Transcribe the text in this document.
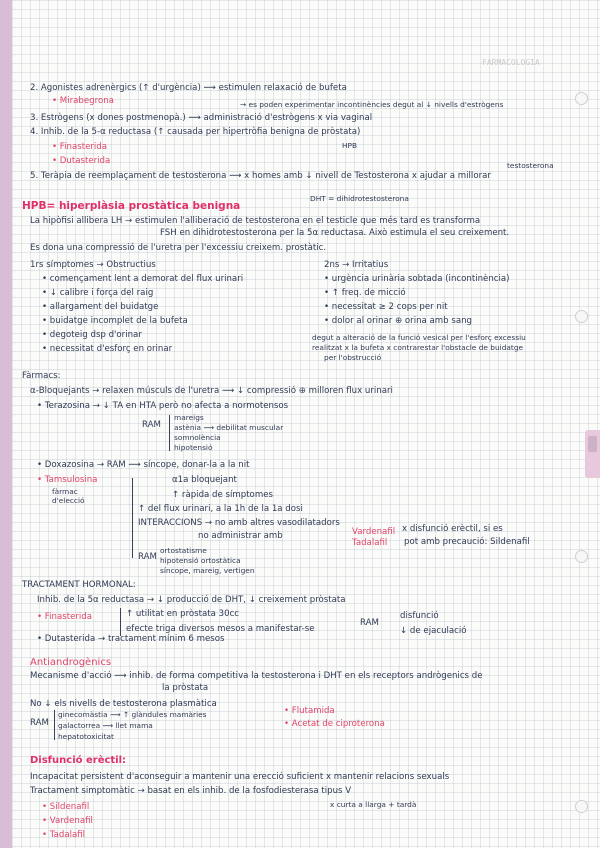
FARMACOLOGIA
2. Agonistes adrenèrgics (↑ d'urgència) ⟿ estimulen relaxació de bufeta
• Mirabegrona	→ es poden experimentar incontinències degut al ↓ nivells d'estrògens
3. Estrògens (x dones postmenopà.) ⟿ administració d'estrògens x via vaginal
4. Inhib. de la 5-α reductasa (↑ causada per hipertròfia benigna de pròstata)
HPB
• Finasterida
• Dutasterida	testosterona
5. Teràpia de reemplaçament de testosterona ⟿ x homes amb ↓ nivell de Testosterona x ajudar a millorar
DHT = dihidrotestosterona
HPB= hiperplàsia prostàtica benigna
La hipòfisi allibera LH → estimulen l'alliberació de testosterona en el testicle que més tard es transforma
FSH en dihidrotestosterona per la 5α reductasa. Això estimula el seu creixement.
Es dona una compressió de l'uretra per l'excessiu creixem. prostàtic.
1rs símptomes → Obstructius	2ns → Irritatius
• començament lent a demorat del flux urinari	• urgència urinària sobtada (incontinència)
• ↓ calibre i força del raig	• ↑ freq. de micció
• allargament del buidatge	• necessitat ≥ 2 cops per nit
• buidatge incomplet de la bufeta	• dolor al orinar ⊕ orina amb sang
• degoteig dsp d'orinar	degut a alteració de la funció vesical per l'esforç excessiu
• necessitat d'esforç en orinar	realitzat x la bufeta x contrarestar l'obstacle de buidatge
per l'obstrucció
Fàrmacs:
α-Bloquejants → relaxen músculs de l'uretra ⟿ ↓ compressió ⊕ milloren flux urinari
• Terazosina → ↓ TA en HTA però no afecta a normotensos
RAM
mareigs
astènia ⟿ debilitat muscular
somnolència
hipotensió
• Doxazosina → RAM ⟿ síncope, donar-la a la nit
• Tamsulosina	α1a bloquejant
fàrmac	↑ ràpida de símptomes
d'elecció
↑ del flux urinari, a la 1h de la 1a dosi
INTERACCIONS → no amb altres vasodilatadors
no administrar amb	Vardenafil
Tadalafil
x disfunció erèctil, si es
pot amb precaució: Sildenafil
ortostatisme
RAM hipotensió ortostàtica
síncope, mareig, vertigen
TRACTAMENT HORMONAL:
Inhib. de la 5α reductasa → ↓ producció de DHT, ↓ creixement pròstata
• Finasterida	↑ utilitat en pròstata 30cc
efecte triga diversos mesos a manifestar-se
RAM
disfunció
↓ de ejaculació
• Dutasterida → tractament mínim 6 mesos
Antiandrogènics
Mecanisme d'acció ⟿ inhib. de forma competitiva la testosterona i DHT en els receptors andrògenics de
la pròstata
No ↓ els nivells de testosterona plasmàtica
• Flutamida
RAM
ginecomàstia ⟿ ↑ glàndules mamàries
• Acetat de ciproterona
galactorrea ⟿ llet mama
hepatotoxicitat
Disfunció erèctil:
Incapacitat persistent d'aconseguir a mantenir una erecció suficient x mantenir relacions sexuals
Tractament simptomàtic → basat en els inhib. de la fosfodiesterasa tipus V
• Sildenafil	x curta a llarga + tardà
• Vardenafil
• Tadalafil
